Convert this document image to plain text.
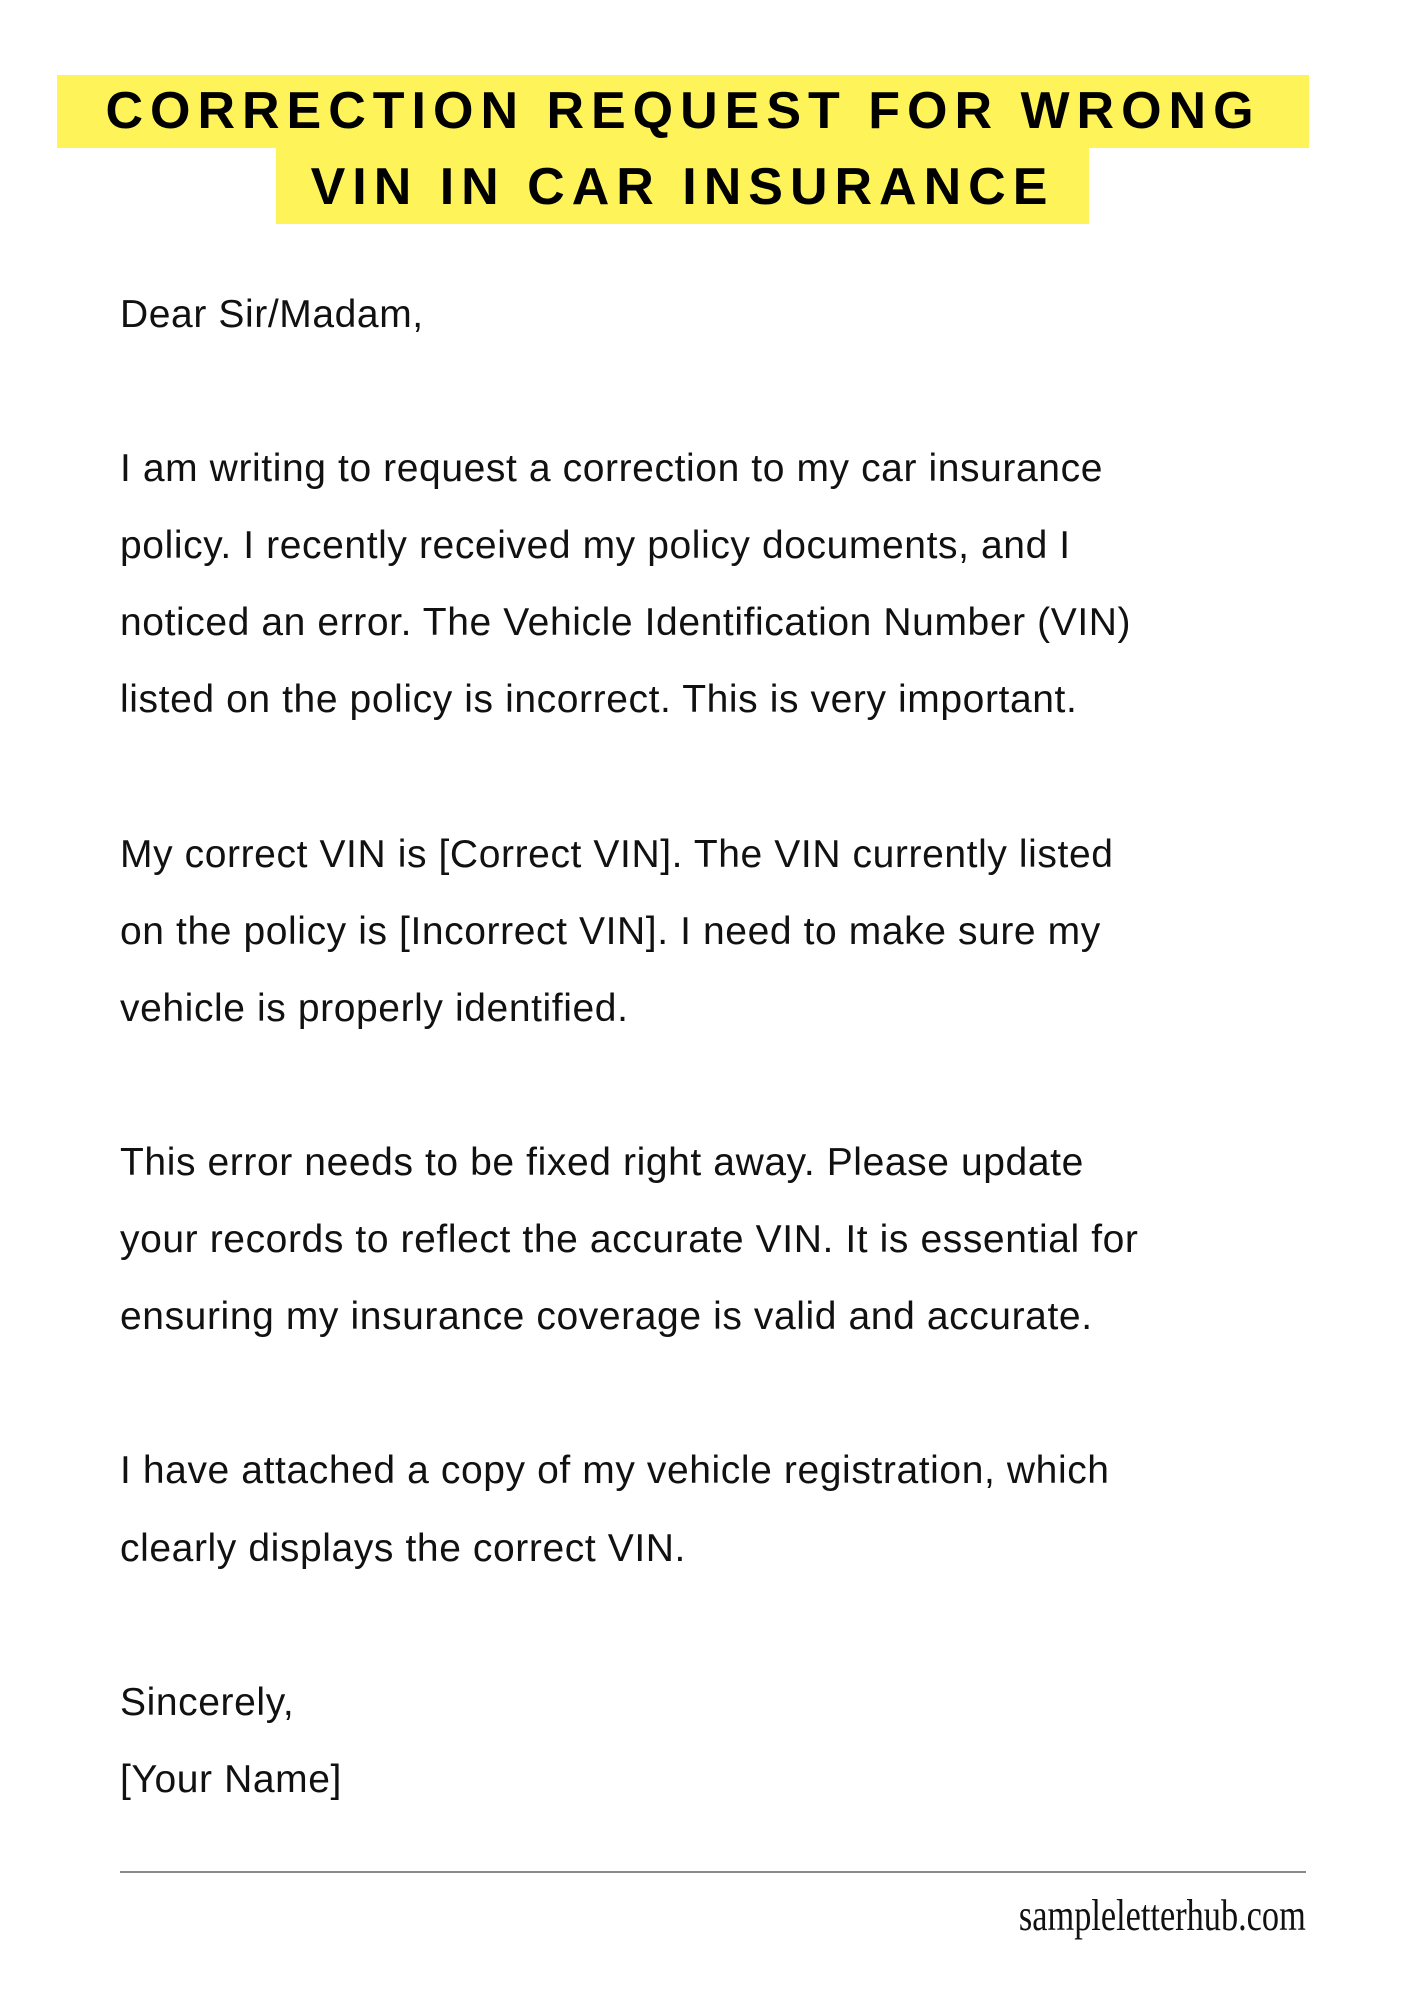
CORRECTION REQUEST FOR WRONG
VIN IN CAR INSURANCE
Dear Sir/Madam,
I am writing to request a correction to my car insurance
policy. I recently received my policy documents, and I
noticed an error. The Vehicle Identification Number (VIN)
listed on the policy is incorrect. This is very important.
My correct VIN is [Correct VIN]. The VIN currently listed
on the policy is [Incorrect VIN]. I need to make sure my
vehicle is properly identified.
This error needs to be fixed right away. Please update
your records to reflect the accurate VIN. It is essential for
ensuring my insurance coverage is valid and accurate.
I have attached a copy of my vehicle registration, which
clearly displays the correct VIN.
Sincerely,
[Your Name]
sampleletterhub.com
